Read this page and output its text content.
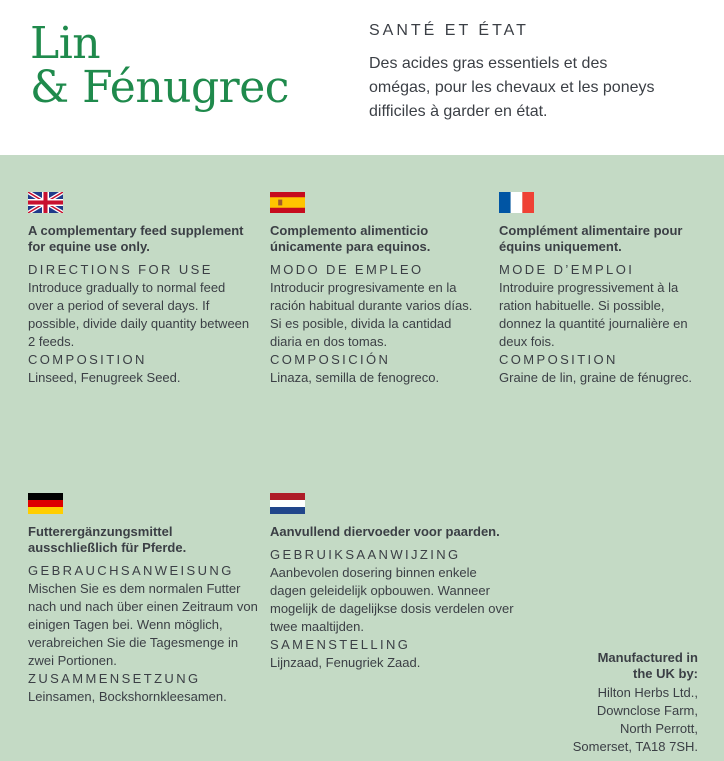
Lin
& Fénugrec
SANTÉ ET ÉTAT
Des acides gras essentiels et des omégas, pour les chevaux et les poneys difficiles à garder en état.
A complementary feed supplement for equine use only.
DIRECTIONS FOR USE
Introduce gradually to normal feed over a period of several days. If possible, divide daily quantity between 2 feeds.
COMPOSITION
Linseed, Fenugreek Seed.
Complemento alimenticio únicamente para equinos.
MODO DE EMPLEO
Introducir progresivamente en la ración habitual durante varios días. Si es posible, divida la cantidad diaria en dos tomas.
COMPOSICIÓN
Linaza, semilla de fenogreco.
Complément alimentaire pour équins uniquement.
MODE D’EMPLOI
Introduire progressivement à la ration habituelle. Si possible, donnez la quantité journalière en deux fois.
COMPOSITION
Graine de lin, graine de fénugrec.
Futterergänzungsmittel ausschließlich für Pferde.
GEBRAUCHSANWEISUNG
Mischen Sie es dem normalen Futter nach und nach über einen Zeitraum von einigen Tagen bei. Wenn möglich, verabreichen Sie die Tagesmenge in zwei Portionen.
ZUSAMMENSETZUNG
Leinsamen, Bockshornkleesamen.
Aanvullend diervoeder voor paarden.
GEBRUIKSAANWIJZING
Aanbevolen dosering binnen enkele dagen geleidelijk opbouwen. Wanneer mogelijk de dagelijkse dosis verdelen over twee maaltijden.
SAMENSTELLING
Lijnzaad, Fenugriek Zaad.	Manufactured in the UK by:
Hilton Herbs Ltd.,
Downclose Farm,
North Perrott,
Somerset, TA18 7SH.
